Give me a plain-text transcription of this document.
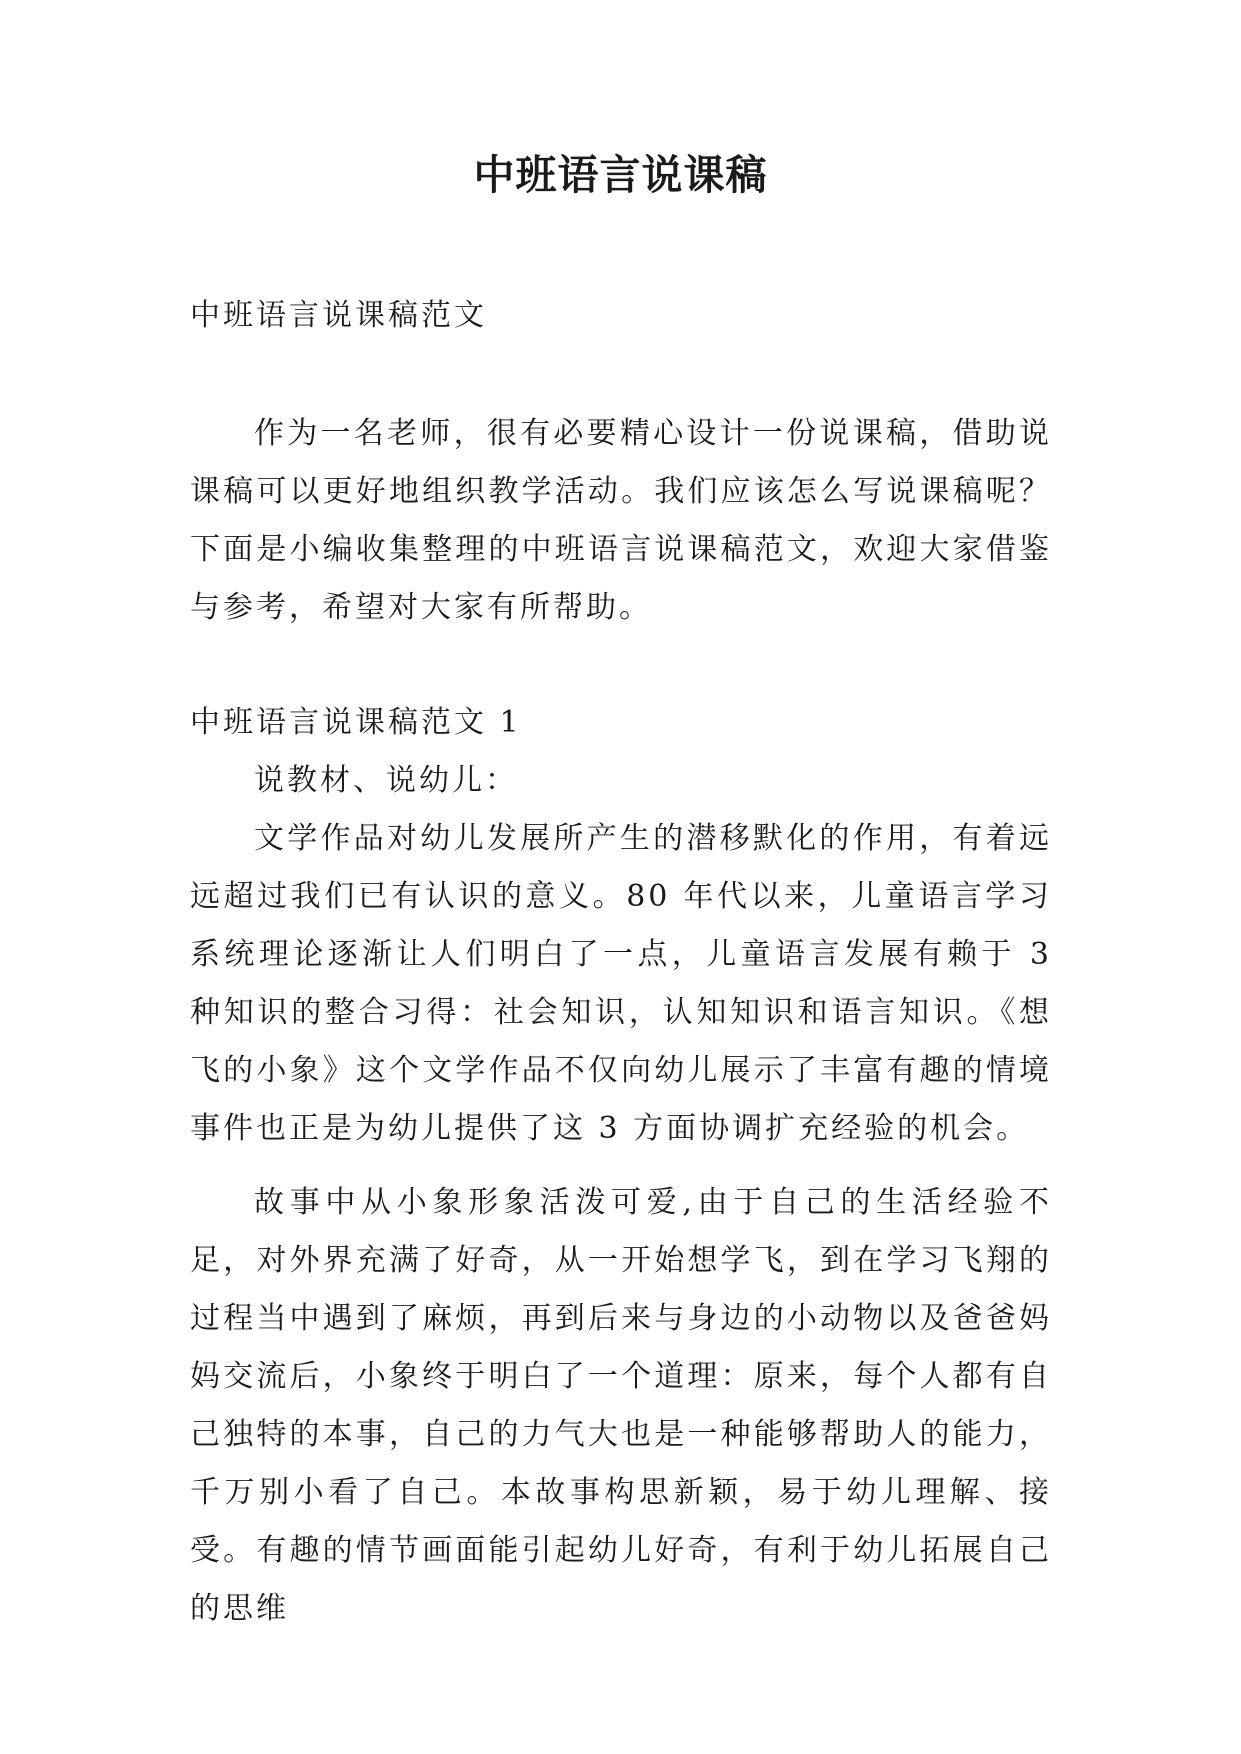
中班语言说课稿
中班语言说课稿范文
作为一名老师，很有必要精心设计一份说课稿，借助说课稿可以更好地组织教学活动。我们应该怎么写说课稿呢？下面是小编收集整理的中班语言说课稿范文，欢迎大家借鉴与参考，希望对大家有所帮助。
中班语言说课稿范文 1
说教材、说幼儿：
文学作品对幼儿发展所产生的潜移默化的作用，有着远远超过我们已有认识的意义。80 年代以来，儿童语言学习系统理论逐渐让人们明白了一点，儿童语言发展有赖于 3 种知识的整合习得：社会知识，认知知识和语言知识。《想飞的小象》这个文学作品不仅向幼儿展示了丰富有趣的情境事件也正是为幼儿提供了这 3 方面协调扩充经验的机会。
故事中从小象形象活泼可爱,由于自己的生活经验不足，对外界充满了好奇，从一开始想学飞，到在学习飞翔的过程当中遇到了麻烦，再到后来与身边的小动物以及爸爸妈妈交流后，小象终于明白了一个道理：原来，每个人都有自己独特的本事，自己的力气大也是一种能够帮助人的能力，千万别小看了自己。本故事构思新颖，易于幼儿理解、接受。有趣的情节画面能引起幼儿好奇，有利于幼儿拓展自己的思维
